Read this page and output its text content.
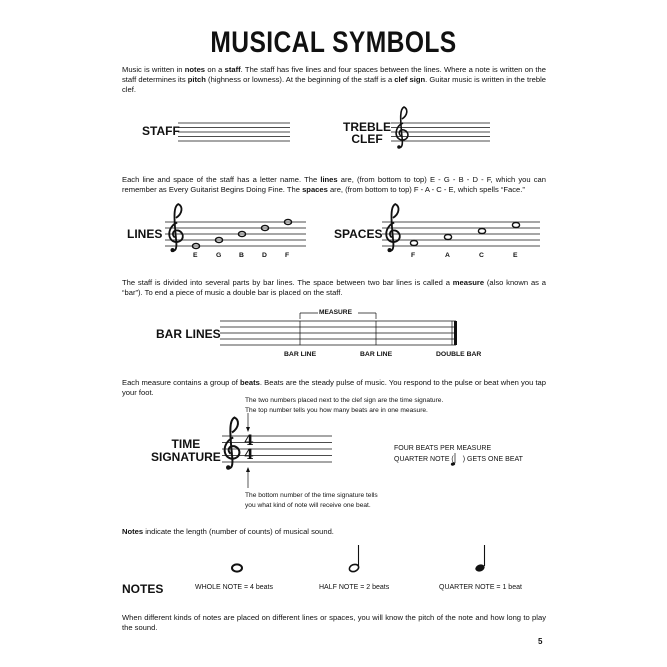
MUSICAL SYMBOLS
Music is written in notes on a staff. The staff has five lines and four spaces between the lines. Where a note is written on the staff determines its pitch (highness or lowness). At the beginning of the staff is a clef sign. Guitar music is written in the treble clef.
STAFF	TREBLE
CLEF
Each line and space of the staff has a letter name. The lines are, (from bottom to top) E - G - B - D - F, which you can remember as Every Guitarist Begins Doing Fine. The spaces are, (from bottom to top) F - A - C - E, which spells “Face.”
LINES
E	G	B	D	F
SPACES
F	A	C	E
The staff is divided into several parts by bar lines. The space between two bar lines is called a measure (also known as a “bar”). To end a piece of music a double bar is placed on the staff.
BAR LINES
MEASURE
BAR LINE	BAR LINE	DOUBLE BAR
Each measure contains a group of beats. Beats are the steady pulse of music. You respond to the pulse or beat when you tap your foot.
The two numbers placed next to the clef sign are the time signature.
The top number tells you how many beats are in one measure.
TIME
SIGNATURE
4
4	FOUR BEATS PER MEASURE
QUARTER NOTE ( ) GETS ONE BEAT
The bottom number of the time signature tells
you what kind of note will receive one beat.
Notes indicate the length (number of counts) of musical sound.
NOTES	WHOLE NOTE = 4 beats	HALF NOTE = 2 beats	QUARTER NOTE = 1 beat
When different kinds of notes are placed on different lines or spaces, you will know the pitch of the note and how long to play the sound.
5
